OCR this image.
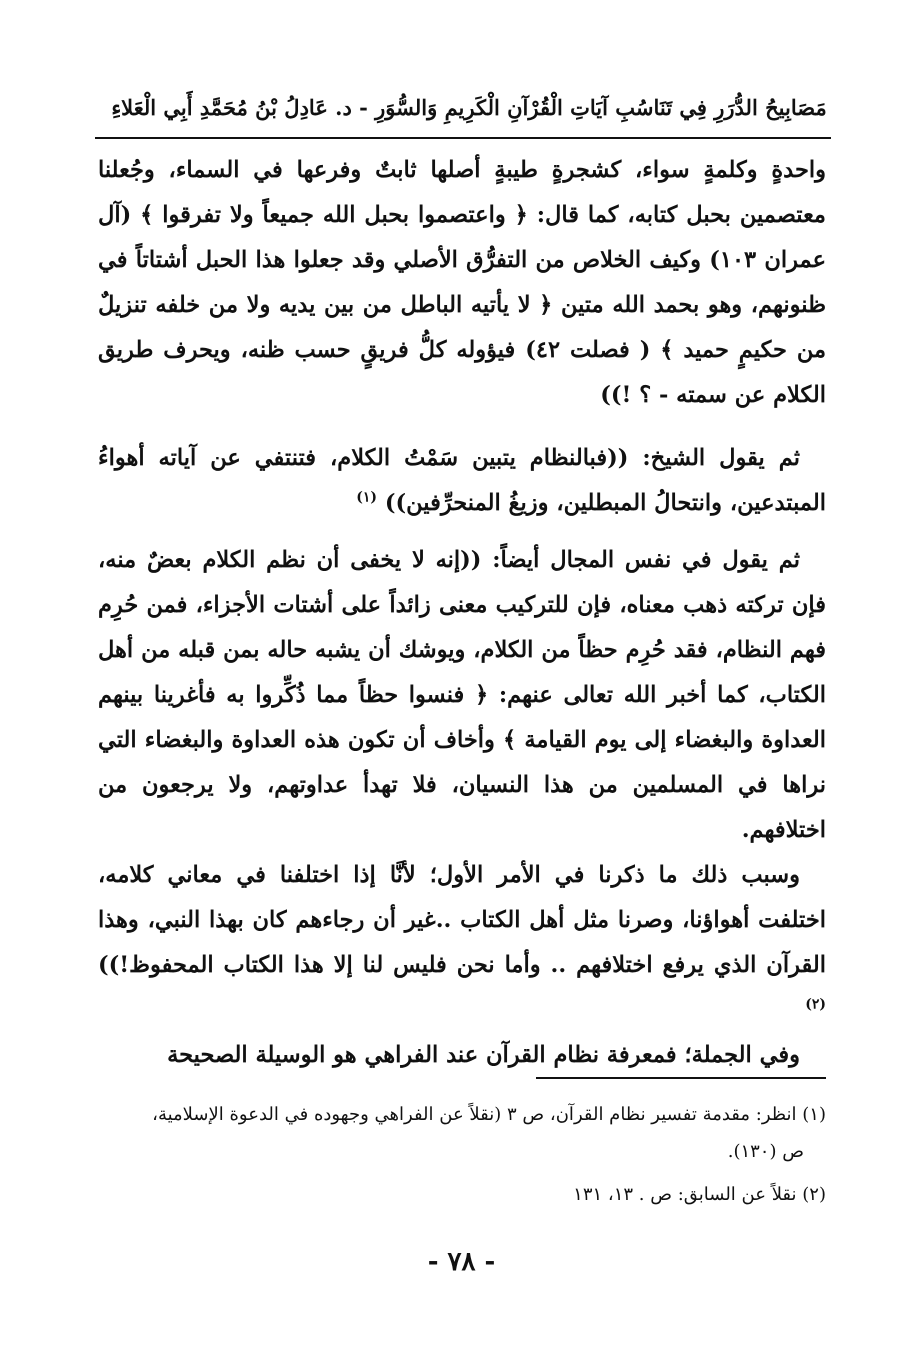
مَصَابِيحُ الدُّرَرِ فِي تَنَاسُبِ آيَاتِ الْقُرْآنِ الْكَرِيمِ وَالسُّوَرِ - د. عَادِلُ بْنُ مُحَمَّدِ أَبِي الْعَلاءِ

واحدةٍ وكلمةٍ سواء، كشجرةٍ طيبةٍ أصلها ثابتٌ وفرعها في السماء، وجُعلنا معتصمين بحبل كتابه، كما قال: ﴿ واعتصموا بحبل الله جميعاً ولا تفرقوا ﴾ (آل عمران ١٠٣) وكيف الخلاص من التفرُّق الأصلي وقد جعلوا هذا الحبل أشتاتاً في ظنونهم، وهو بحمد الله متين ﴿ لا يأتيه الباطل من بين يديه ولا من خلفه تنزيلٌ من حكيمٍ حميد ﴾ ( فصلت ٤٢) فيؤوله كلُّ فريقٍ حسب ظنه، ويحرف طريق الكلام عن سمته - ؟ !))

ثم يقول الشيخ: ((فبالنظام يتبين سَمْتُ الكلام، فتنتفي عن آياته أهواءُ المبتدعين، وانتحالُ المبطلين، وزيغُ المنحرِّفين)) $^{(١)}$

ثم يقول في نفس المجال أيضاً: ((إنه لا يخفى أن نظم الكلام بعضٌ منه، فإن تركته ذهب معناه، فإن للتركيب معنى زائداً على أشتات الأجزاء، فمن حُرِم فهم النظام، فقد حُرِم حظاً من الكلام، ويوشك أن يشبه حاله بمن قبله من أهل الكتاب، كما أخبر الله تعالى عنهم: ﴿ فنسوا حظاً مما ذُكِّروا به فأغرينا بينهم العداوة والبغضاء إلى يوم القيامة ﴾ وأخاف أن تكون هذه العداوة والبغضاء التي نراها في المسلمين من هذا النسيان، فلا تهدأ عداوتهم، ولا يرجعون من اختلافهم.

وسبب ذلك ما ذكرنا في الأمر الأول؛ لأنَّا إذا اختلفنا في معاني كلامه، اختلفت أهواؤنا، وصرنا مثل أهل الكتاب ..غير أن رجاءهم كان بهذا النبي، وهذا القرآن الذي يرفع اختلافهم .. وأما نحن فليس لنا إلا هذا الكتاب المحفوظ!)) $^{(٢)}$

وفي الجملة؛ فمعرفة نظام القرآن عند الفراهي هو الوسيلة الصحيحة

(١) انظر: مقدمة تفسير نظام القرآن، ص ٣ (نقلاً عن الفراهي وجهوده في الدعوة الإسلامية،

ص (١٣٠).

(٢) نقلاً عن السابق: ص . ١٣، ١٣١

- ٧٨ -
